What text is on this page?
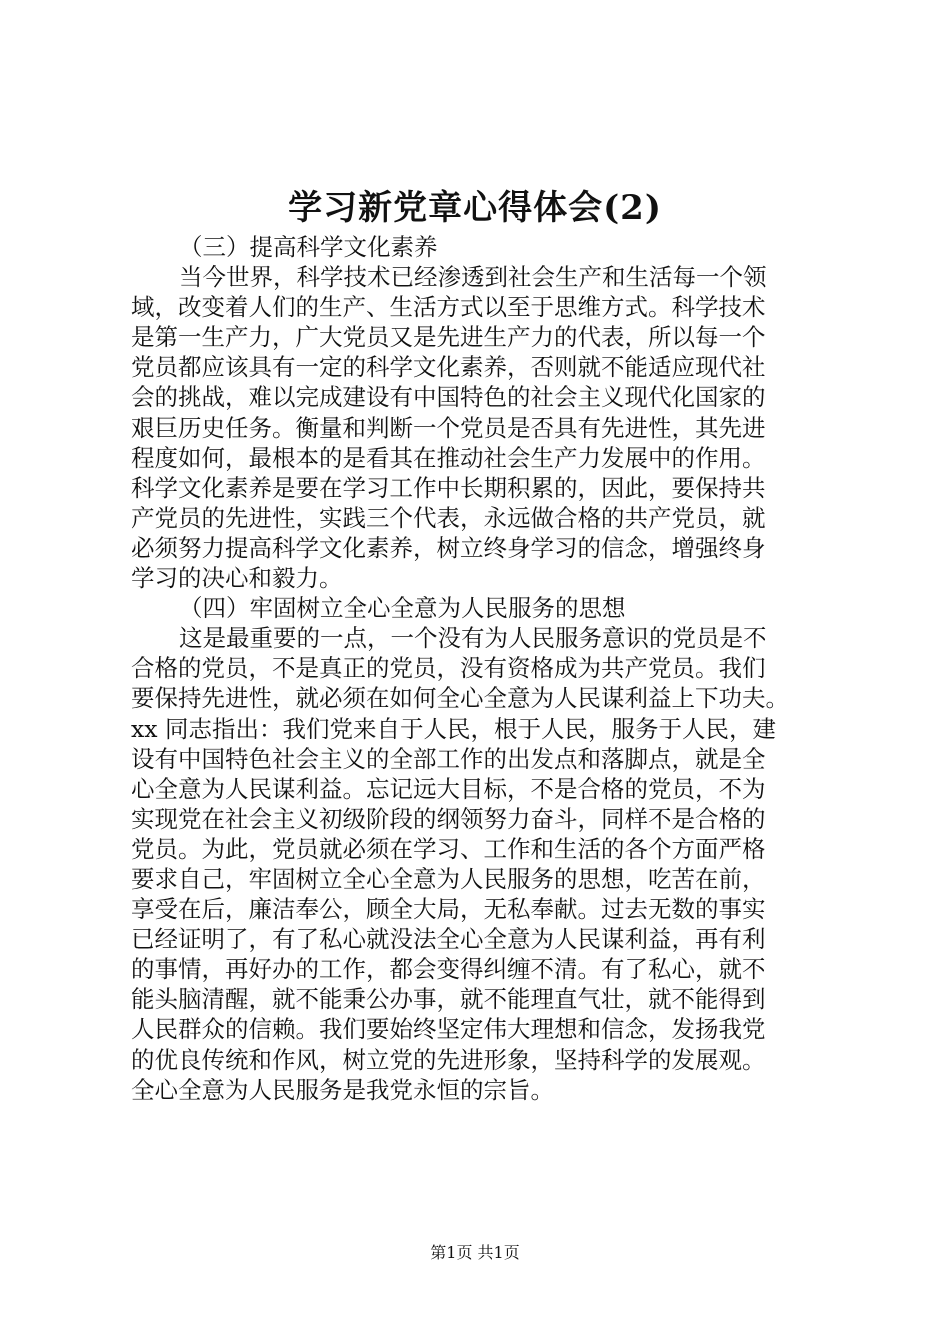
学习新党章心得体会(2)
（三）提高科学文化素养
当今世界，科学技术已经渗透到社会生产和生活每一个领
域，改变着人们的生产、生活方式以至于思维方式。科学技术
是第一生产力，广大党员又是先进生产力的代表，所以每一个
党员都应该具有一定的科学文化素养，否则就不能适应现代社
会的挑战，难以完成建设有中国特色的社会主义现代化国家的
艰巨历史任务。衡量和判断一个党员是否具有先进性，其先进
程度如何，最根本的是看其在推动社会生产力发展中的作用。
科学文化素养是要在学习工作中长期积累的，因此，要保持共
产党员的先进性，实践三个代表，永远做合格的共产党员，就
必须努力提高科学文化素养，树立终身学习的信念，增强终身
学习的决心和毅力。
（四）牢固树立全心全意为人民服务的思想
这是最重要的一点，一个没有为人民服务意识的党员是不
合格的党员，不是真正的党员，没有资格成为共产党员。我们
要保持先进性，就必须在如何全心全意为人民谋利益上下功夫。
xx 同志指出：我们党来自于人民，根于人民，服务于人民，建
设有中国特色社会主义的全部工作的出发点和落脚点，就是全
心全意为人民谋利益。忘记远大目标，不是合格的党员，不为
实现党在社会主义初级阶段的纲领努力奋斗，同样不是合格的
党员。为此，党员就必须在学习、工作和生活的各个方面严格
要求自己，牢固树立全心全意为人民服务的思想，吃苦在前，
享受在后，廉洁奉公，顾全大局，无私奉献。过去无数的事实
已经证明了，有了私心就没法全心全意为人民谋利益，再有利
的事情，再好办的工作，都会变得纠缠不清。有了私心，就不
能头脑清醒，就不能秉公办事，就不能理直气壮，就不能得到
人民群众的信赖。我们要始终坚定伟大理想和信念，发扬我党
的优良传统和作风，树立党的先进形象，坚持科学的发展观。
全心全意为人民服务是我党永恒的宗旨。
第1页 共1页
